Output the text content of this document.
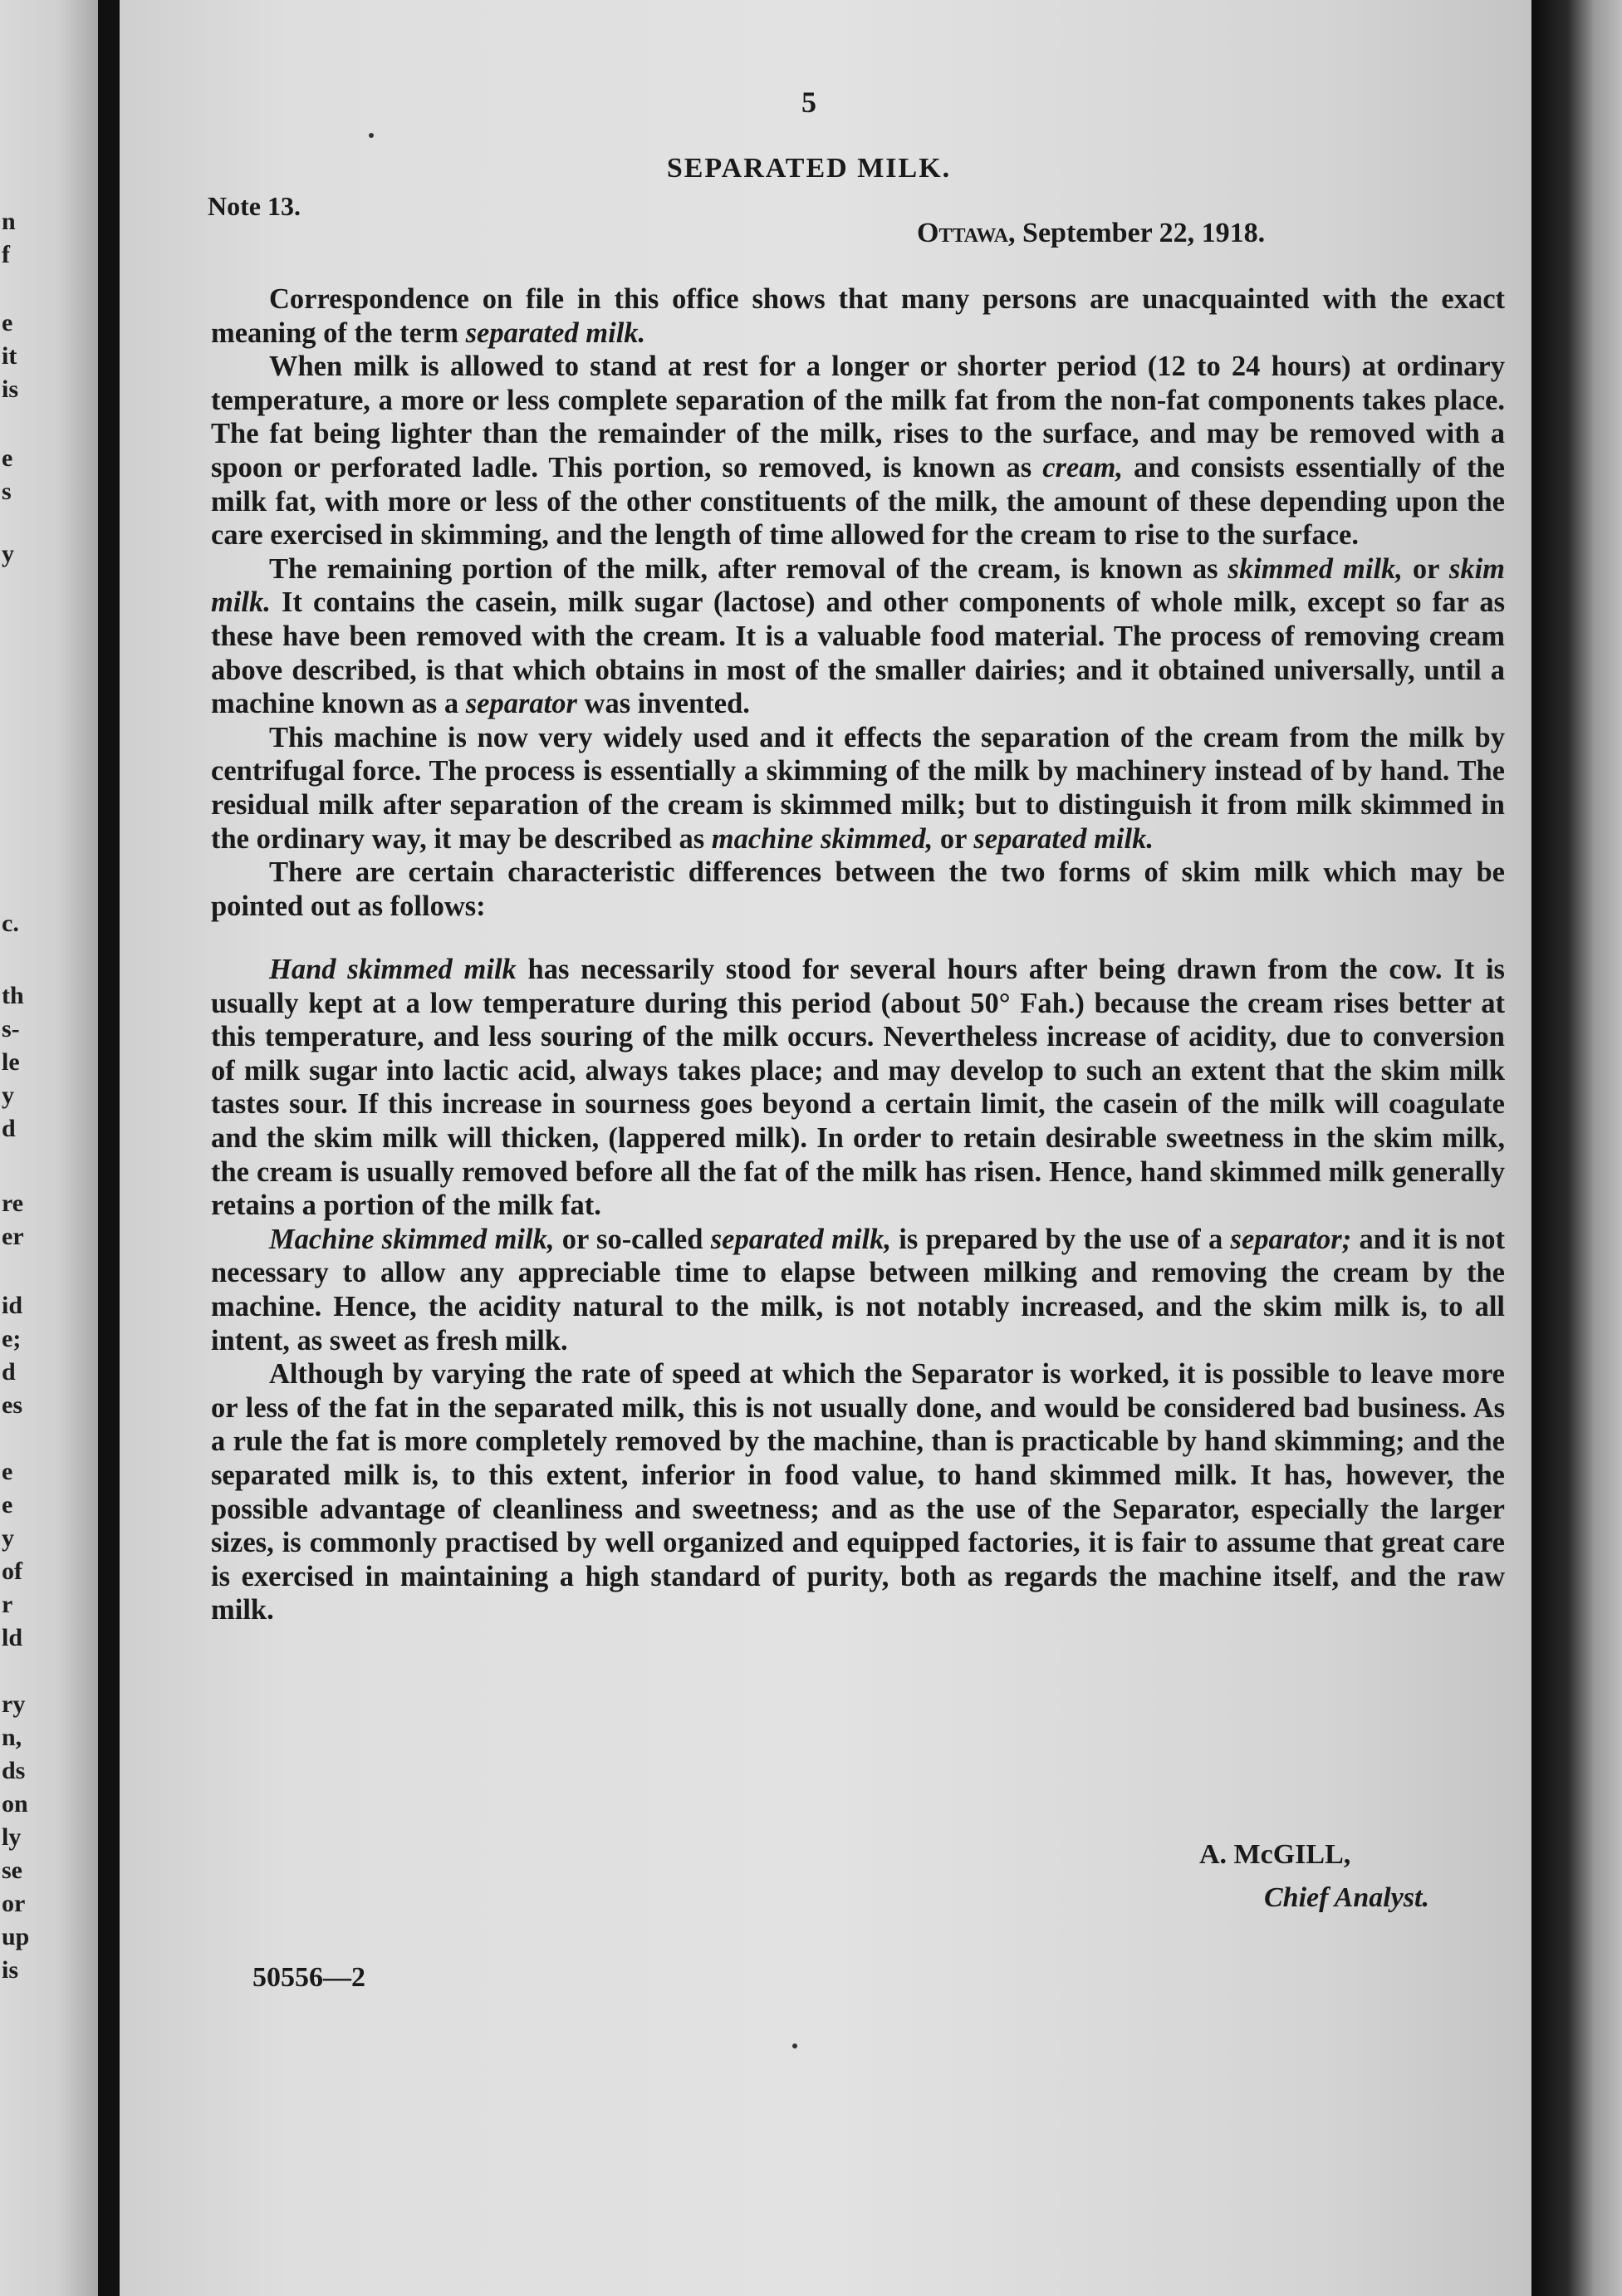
n
f
e
it
is
e
s
y
c.
th
s-
le
y
d
re
er
id
e;
d
es
e
e
y
of
r
ld
ry
n,
ds
on
ly
se
or
up
is
5
SEPARATED MILK.
Note 13.
Ottawa, September 22, 1918.

Correspondence on file in this office shows that many persons are unacquainted with the exact meaning of the term separated milk.

When milk is allowed to stand at rest for a longer or shorter period (12 to 24 hours) at ordinary temperature, a more or less complete separation of the milk fat from the non-fat components takes place. The fat being lighter than the remainder of the milk, rises to the surface, and may be removed with a spoon or perforated ladle. This portion, so removed, is known as cream, and consists essentially of the milk fat, with more or less of the other constituents of the milk, the amount of these depending upon the care exercised in skimming, and the length of time allowed for the cream to rise to the surface.

The remaining portion of the milk, after removal of the cream, is known as skimmed milk, or skim milk. It contains the casein, milk sugar (lactose) and other components of whole milk, except so far as these have been removed with the cream. It is a valuable food material. The process of removing cream above described, is that which obtains in most of the smaller dairies; and it obtained universally, until a machine known as a separator was invented.

This machine is now very widely used and it effects the separation of the cream from the milk by centrifugal force. The process is essentially a skimming of the milk by machinery instead of by hand. The residual milk after separation of the cream is skimmed milk; but to distinguish it from milk skimmed in the ordinary way, it may be described as machine skimmed, or separated milk.

There are certain characteristic differences between the two forms of skim milk which may be pointed out as follows:

Hand skimmed milk has necessarily stood for several hours after being drawn from the cow. It is usually kept at a low temperature during this period (about 50° Fah.) because the cream rises better at this temperature, and less souring of the milk occurs. Nevertheless increase of acidity, due to conversion of milk sugar into lactic acid, always takes place; and may develop to such an extent that the skim milk tastes sour. If this increase in sourness goes beyond a certain limit, the casein of the milk will coagulate and the skim milk will thicken, (lappered milk). In order to retain desirable sweetness in the skim milk, the cream is usually removed before all the fat of the milk has risen. Hence, hand skimmed milk generally retains a portion of the milk fat.

Machine skimmed milk, or so-called separated milk, is prepared by the use of a separator; and it is not necessary to allow any appreciable time to elapse between milking and removing the cream by the machine. Hence, the acidity natural to the milk, is not notably increased, and the skim milk is, to all intent, as sweet as fresh milk.

Although by varying the rate of speed at which the Separator is worked, it is possible to leave more or less of the fat in the separated milk, this is not usually done, and would be considered bad business. As a rule the fat is more completely removed by the machine, than is practicable by hand skimming; and the separated milk is, to this extent, inferior in food value, to hand skimmed milk. It has, however, the possible advantage of cleanliness and sweetness; and as the use of the Separator, especially the larger sizes, is commonly practised by well organized and equipped factories, it is fair to assume that great care is exercised in maintaining a high standard of purity, both as regards the machine itself, and the raw milk.

A. McGILL,
Chief Analyst.
50556—2
